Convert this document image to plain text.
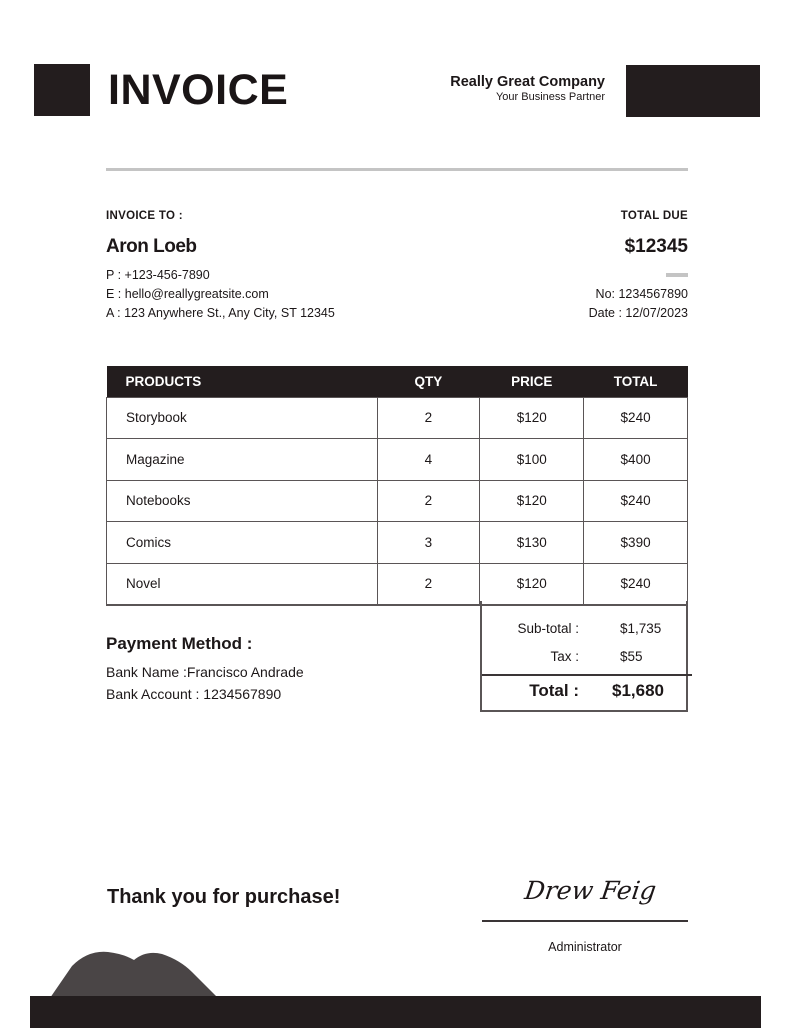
INVOICE	Really Great Company
Your Business Partner
INVOICE TO :	TOTAL DUE
Aron Loeb	$12345
P : +123-456-7890
E : hello@reallygreatsite.com
A : 123 Anywhere St., Any City, ST 12345
No: 1234567890
Date : 12/07/2023
PRODUCTS	QTY	PRICE	TOTAL
Storybook	2	$120	$240
Magazine	4	$100	$400
Notebooks	2	$120	$240
Comics	3	$130	$390
Novel	2	$120	$240
Sub-total :	$1,735
Tax :	$55
Total : $1,680
Payment Method :
Bank Name :Francisco Andrade
Bank Account : 1234567890
Thank you for purchase!	Drew Feig
Administrator
